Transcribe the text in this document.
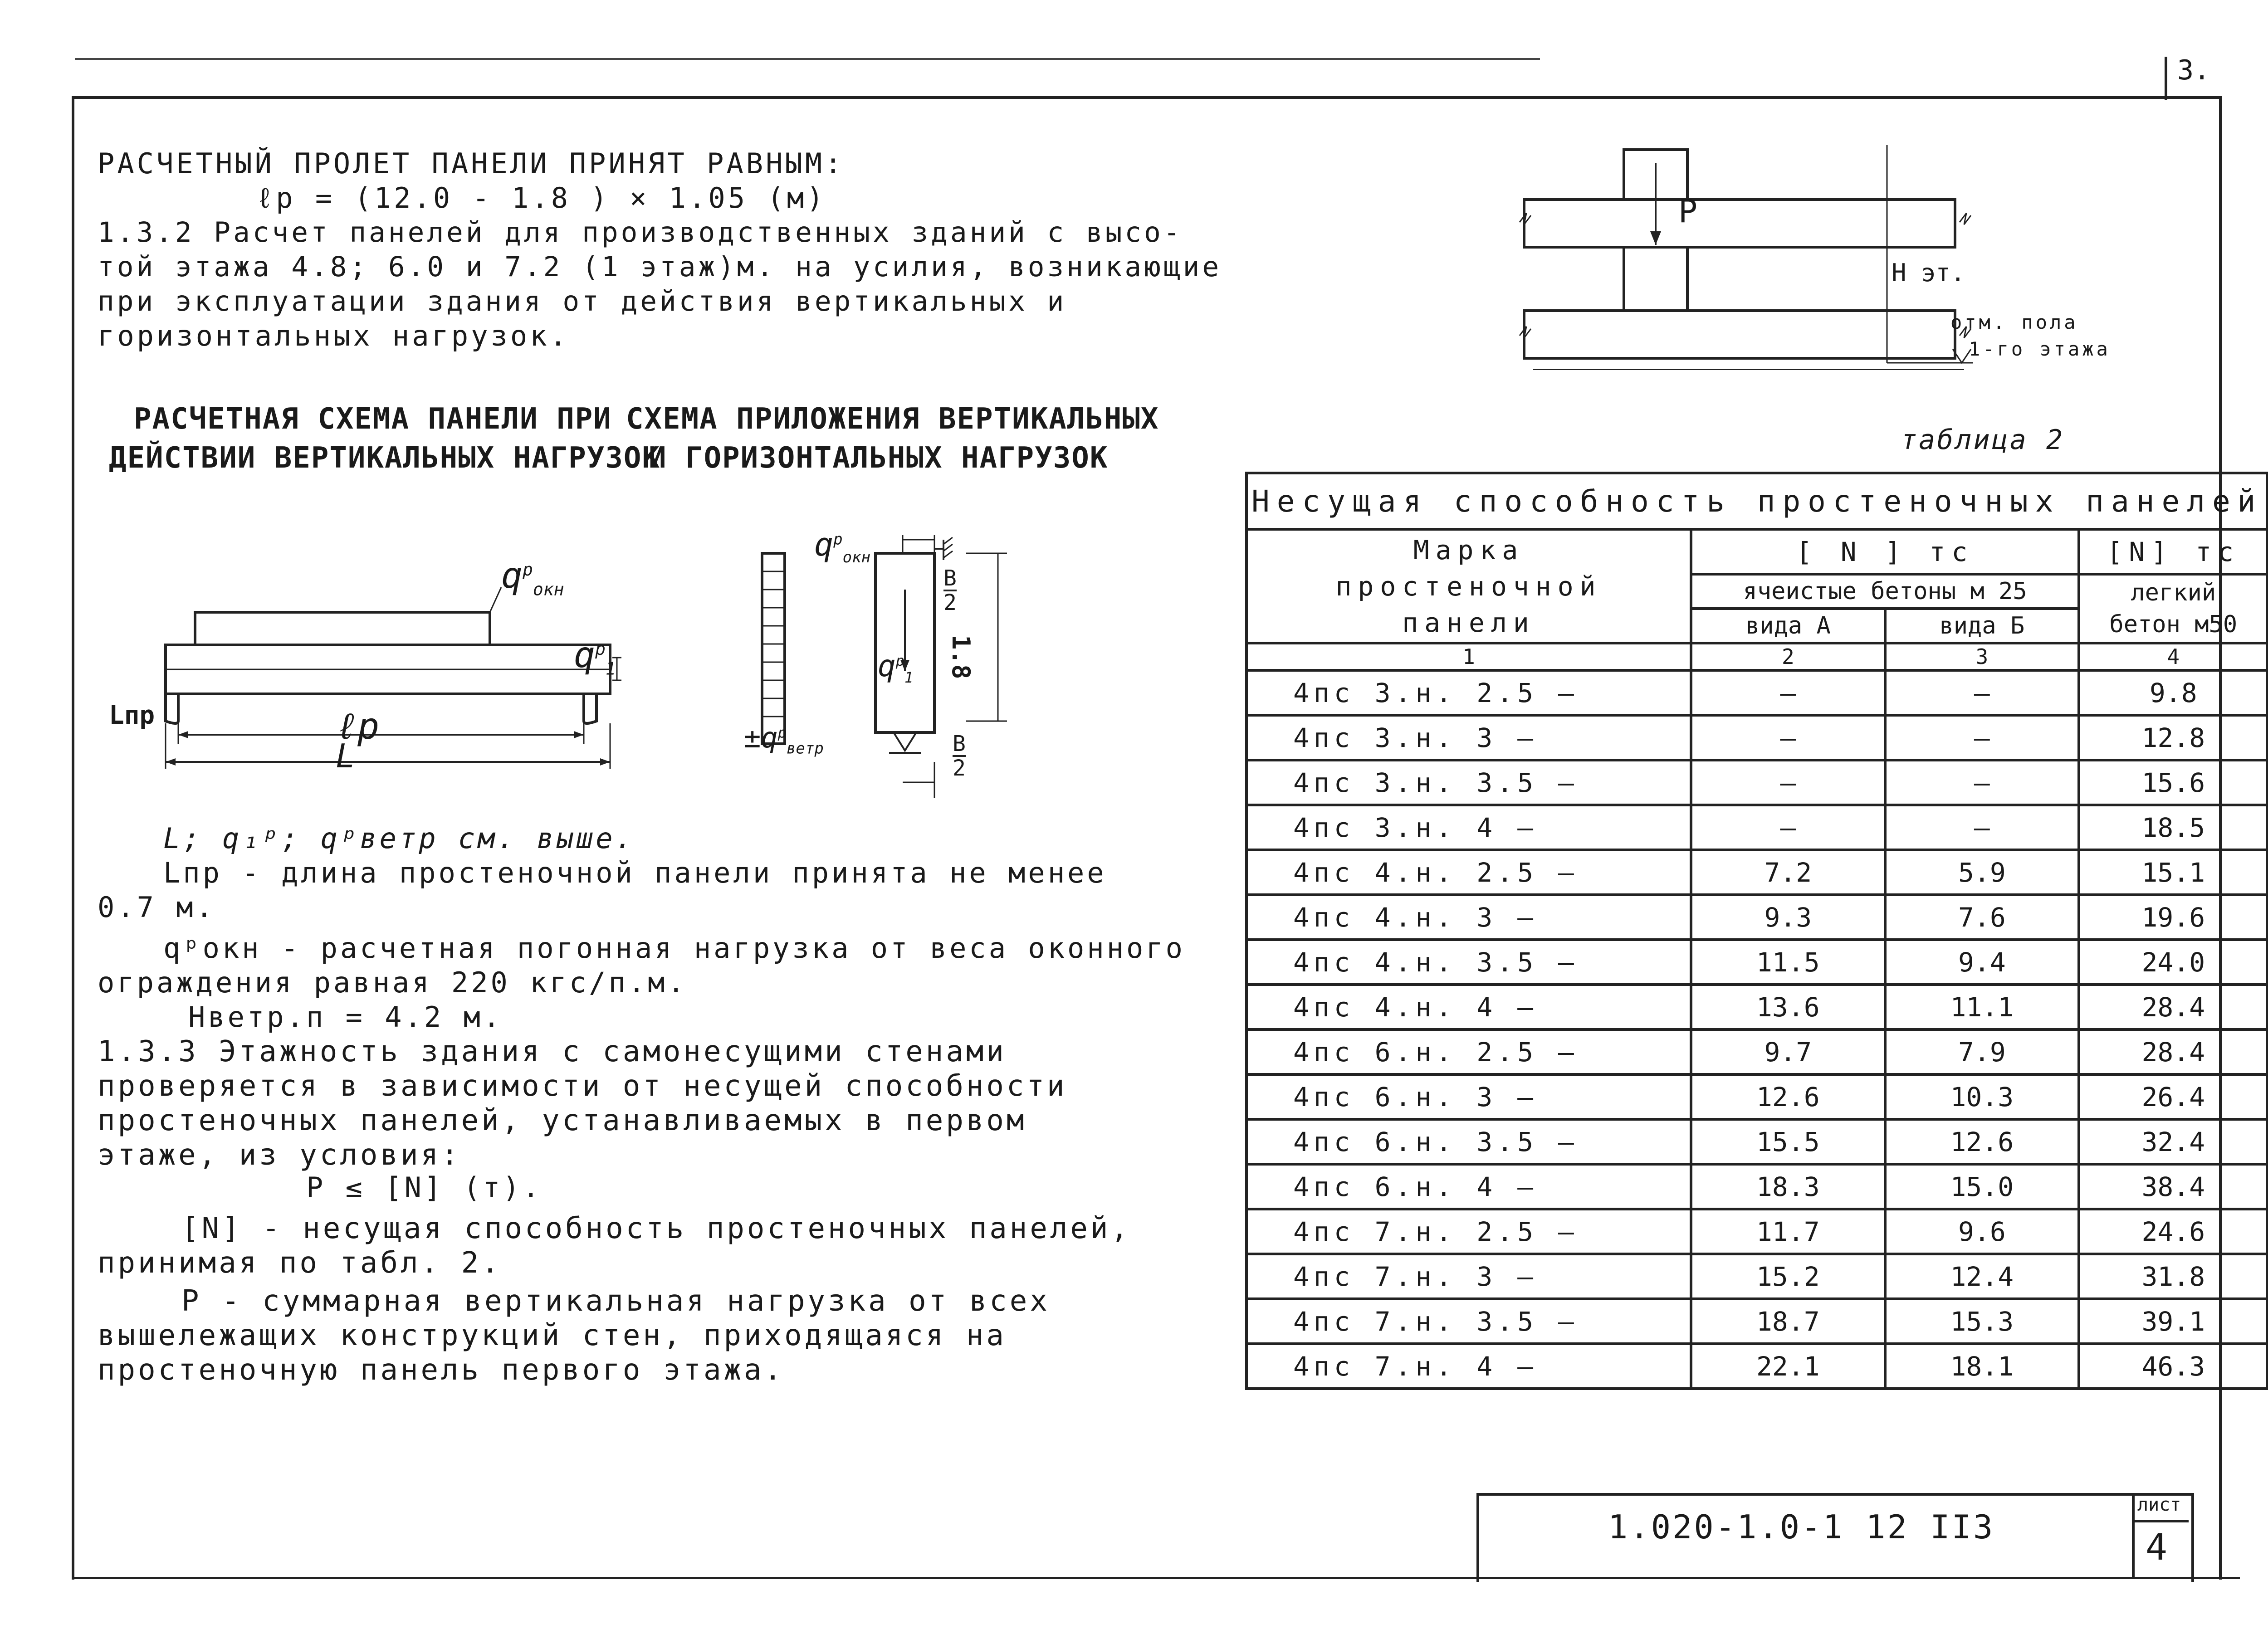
3.
РАСЧЕТНЫЙ ПРОЛЕТ ПАНЕЛИ ПРИНЯТ РАВНЫМ:
ℓр = (12.0 - 1.8 ) × 1.05 (м)
1.3.2 Расчет панелей для производственных зданий с высо-
той этажа 4.8; 6.0 и 7.2 (1 этаж)м. на усилия, возникающие
при эксплуатации здания от действия вертикальных и
горизонтальных нагрузок.
РАСЧЕТНАЯ СХЕМА ПАНЕЛИ ПРИ
ДЕЙСТВИИ ВЕРТИКАЛЬНЫХ НАГРУЗОК
СХЕМА ПРИЛОЖЕНИЯ ВЕРТИКАЛЬНЫХ
И ГОРИЗОНТАЛЬНЫХ НАГРУЗОК
$q^р_{окн}$
$q^р_1$
Lпр	ℓр
L
$q^р_{окн}$
$q^р_1$
$\pm q^р_{ветр}$
В
2
В
2
1.8
L; q₁ᵖ; qᵖветр см. выше.
Lпр - длина простеночной панели принята не менее
0.7 м.
qᵖокн - расчетная погонная нагрузка от веса оконного
ограждения равная 220 кгс/п.м.
Hветр.п = 4.2 м.
1.3.3 Этажность здания с самонесущими стенами
проверяется в зависимости от несущей способности
простеночных панелей, устанавливаемых в первом
этаже, из условия:
P ≤ [N] (т).
[N] - несущая способность простеночных панелей,
принимая по табл. 2.
P - суммарная вертикальная нагрузка от всех
вышележащих конструкций стен, приходящаяся на
простеночную панель первого этажа.
P
Н эт.
отм. пола
1-го этажа
таблица 2
Несущая способность простеночных панелей			

Марка
простеночной
панели	[ N ] тс		[N] тс
	ячеистые бетоны м 25		легкий
бетон м50

	вида А	вида Б	
1	2	3	4
4пс 3.н. 2.5 –	—	—	9.8
4пс 3.н. 3 –	—	—	12.8
4пс 3.н. 3.5 –	—	—	15.6
4пс 3.н. 4 –	—	—	18.5
4пс 4.н. 2.5 –	7.2	5.9	15.1
4пс 4.н. 3 –	9.3	7.6	19.6
4пс 4.н. 3.5 –	11.5	9.4	24.0
4пс 4.н. 4 –	13.6	11.1	28.4
4пс 6.н. 2.5 –	9.7	7.9	28.4
4пс 6.н. 3 –	12.6	10.3	26.4
4пс 6.н. 3.5 –	15.5	12.6	32.4
4пс 6.н. 4 –	18.3	15.0	38.4
4пс 7.н. 2.5 –	11.7	9.6	24.6
4пс 7.н. 3 –	15.2	12.4	31.8
4пс 7.н. 3.5 –	18.7	15.3	39.1
4пс 7.н. 4 –	22.1	18.1	46.3
1.020-1.0-1 12 II3
лист
4
